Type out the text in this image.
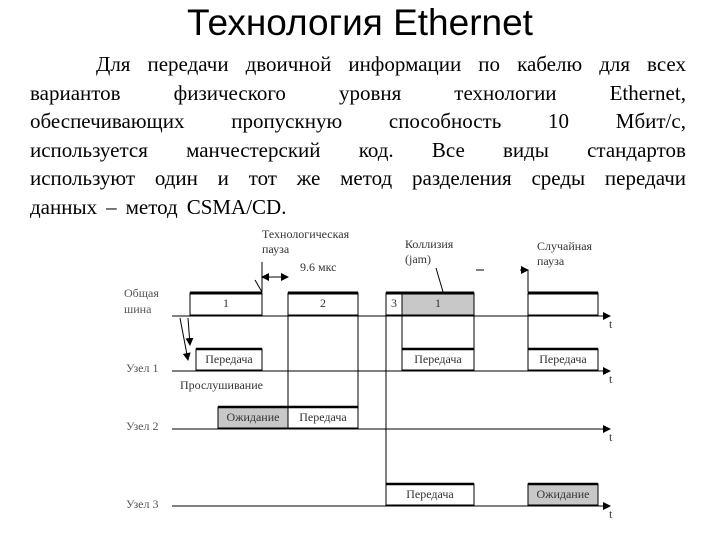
Технология Ethernet
Для передачи двоичной информации по кабелю для всех
вариантов	физического	уровня	технологии	Ethernet,
обеспечивающих пропускную способность 10 Мбит/с,
используется манчестерский код. Все виды стандартов
используют один и тот же метод разделения среды передачи
данных – метод CSMA/CD.
Технологическая
пауза
9.6 мкс
Коллизия
(jam)
Случайная
пауза
Общая
шина
Узел 1
Узел 2
Узел 3
t
1	2	3	1
Прослушивание	t
Передача	Передача	Передача
t
Ожидание Передача
t
Передача	Ожидание
